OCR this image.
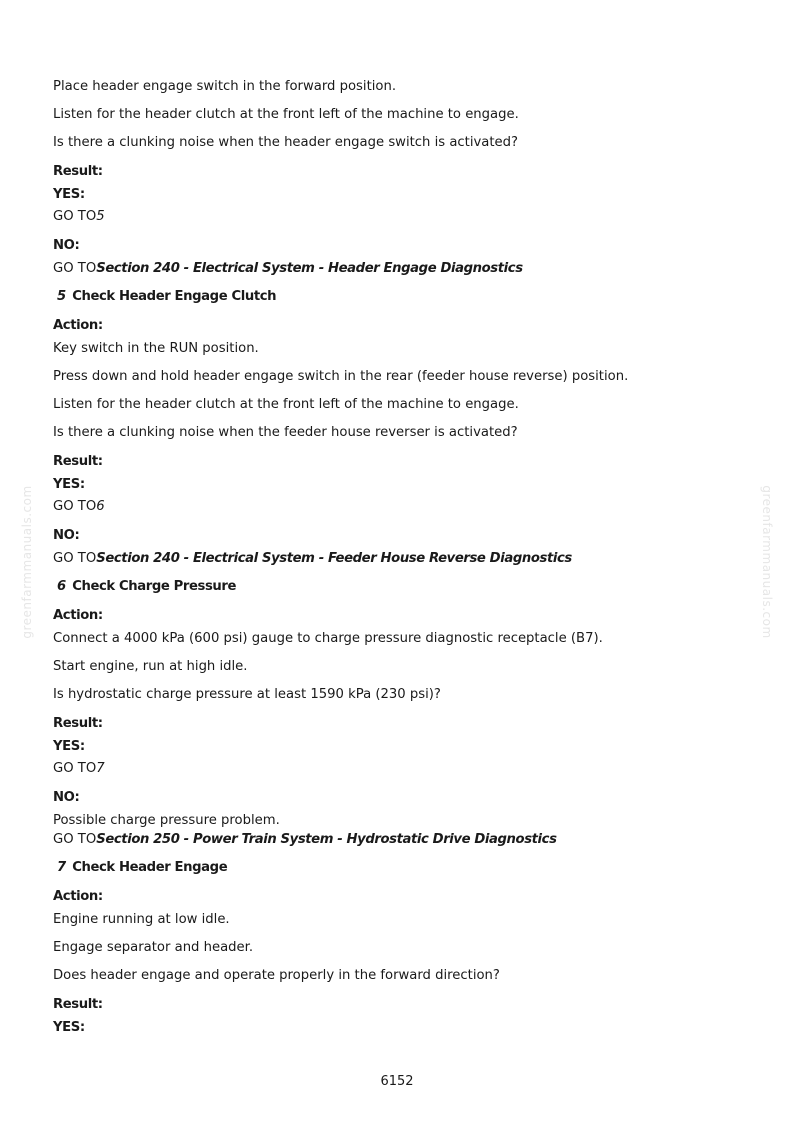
greenfarmmanuals.com	greenfarmmanuals.com
Place header engage switch in the forward position.
Listen for the header clutch at the front left of the machine to engage.
Is there a clunking noise when the header engage switch is activated?
Result:
YES:
GO TO5
NO:
GO TOSection 240 - Electrical System - Header Engage Diagnostics
5 Check Header Engage Clutch
Action:
Key switch in the RUN position.
Press down and hold header engage switch in the rear (feeder house reverse) position.
Listen for the header clutch at the front left of the machine to engage.
Is there a clunking noise when the feeder house reverser is activated?
Result:
YES:
GO TO6
NO:
GO TOSection 240 - Electrical System - Feeder House Reverse Diagnostics
6 Check Charge Pressure
Action:
Connect a 4000 kPa (600 psi) gauge to charge pressure diagnostic receptacle (B7).
Start engine, run at high idle.
Is hydrostatic charge pressure at least 1590 kPa (230 psi)?
Result:
YES:
GO TO7
NO:
Possible charge pressure problem.
GO TOSection 250 - Power Train System - Hydrostatic Drive Diagnostics
7 Check Header Engage
Action:
Engine running at low idle.
Engage separator and header.
Does header engage and operate properly in the forward direction?
Result:
YES:
6152
